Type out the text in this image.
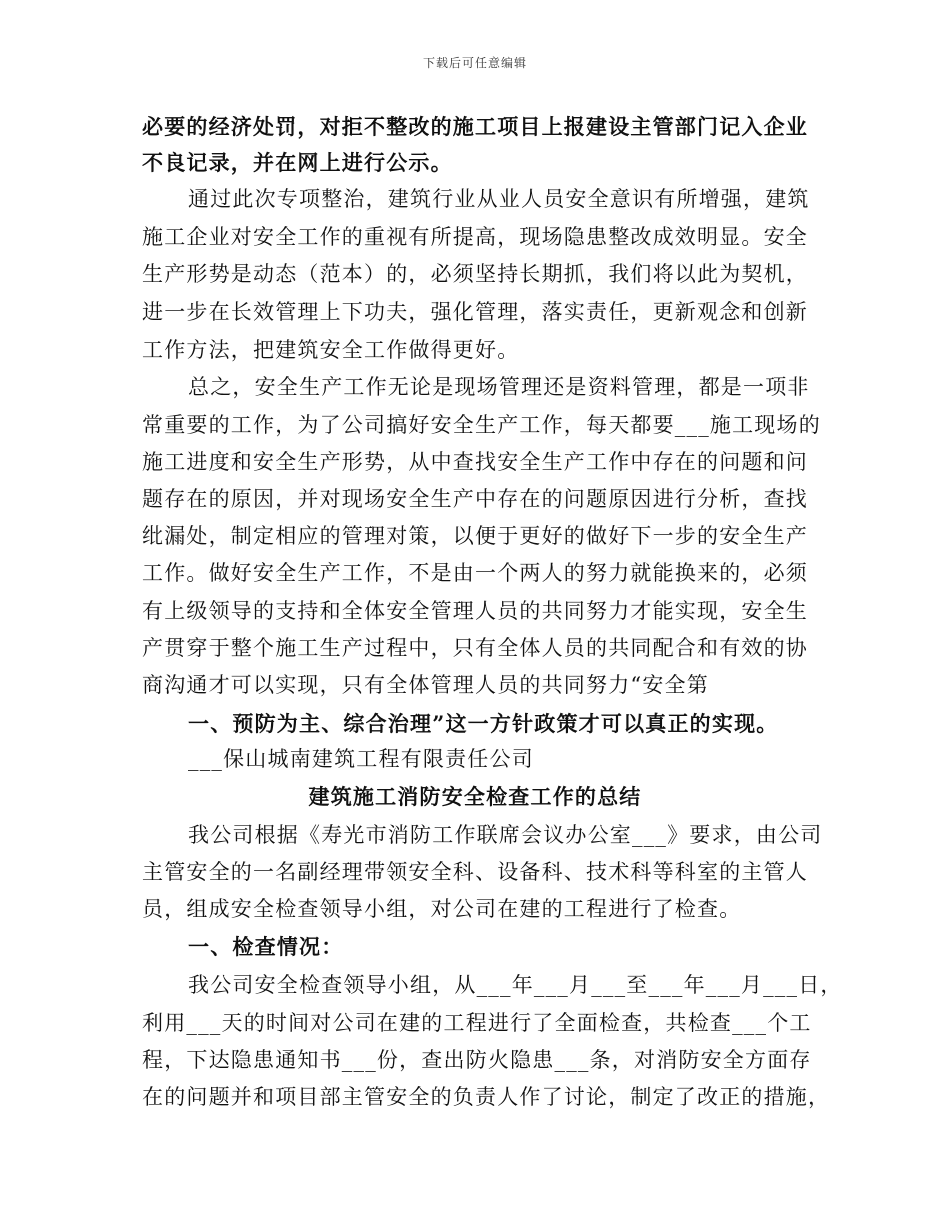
下载后可任意编辑
必要的经济处罚，对拒不整改的施工项目上报建设主管部门记入企业
不良记录，并在网上进行公示。
通过此次专项整治，建筑行业从业人员安全意识有所增强，建筑
施工企业对安全工作的重视有所提高，现场隐患整改成效明显。安全
生产形势是动态（范本）的，必须坚持长期抓，我们将以此为契机，
进一步在长效管理上下功夫，强化管理，落实责任，更新观念和创新
工作方法，把建筑安全工作做得更好。
总之，安全生产工作无论是现场管理还是资料管理，都是一项非
常重要的工作，为了公司搞好安全生产工作，每天都要___施工现场的
施工进度和安全生产形势，从中查找安全生产工作中存在的问题和问
题存在的原因，并对现场安全生产中存在的问题原因进行分析，查找
纰漏处，制定相应的管理对策，以便于更好的做好下一步的安全生产
工作。做好安全生产工作，不是由一个两人的努力就能换来的，必须
有上级领导的支持和全体安全管理人员的共同努力才能实现，安全生
产贯穿于整个施工生产过程中，只有全体人员的共同配合和有效的协
商沟通才可以实现，只有全体管理人员的共同努力“安全第
一、预防为主、综合治理”这一方针政策才可以真正的实现。
___保山城南建筑工程有限责任公司
建筑施工消防安全检查工作的总结
我公司根据《寿光市消防工作联席会议办公室___》要求，由公司
主管安全的一名副经理带领安全科、设备科、技术科等科室的主管人
员，组成安全检查领导小组，对公司在建的工程进行了检查。
一、检查情况：
我公司安全检查领导小组，从___年___月___至___年___月___日，
利用___天的时间对公司在建的工程进行了全面检查，共检查___个工
程，下达隐患通知书___份，查出防火隐患___条，对消防安全方面存
在的问题并和项目部主管安全的负责人作了讨论，制定了改正的措施，
